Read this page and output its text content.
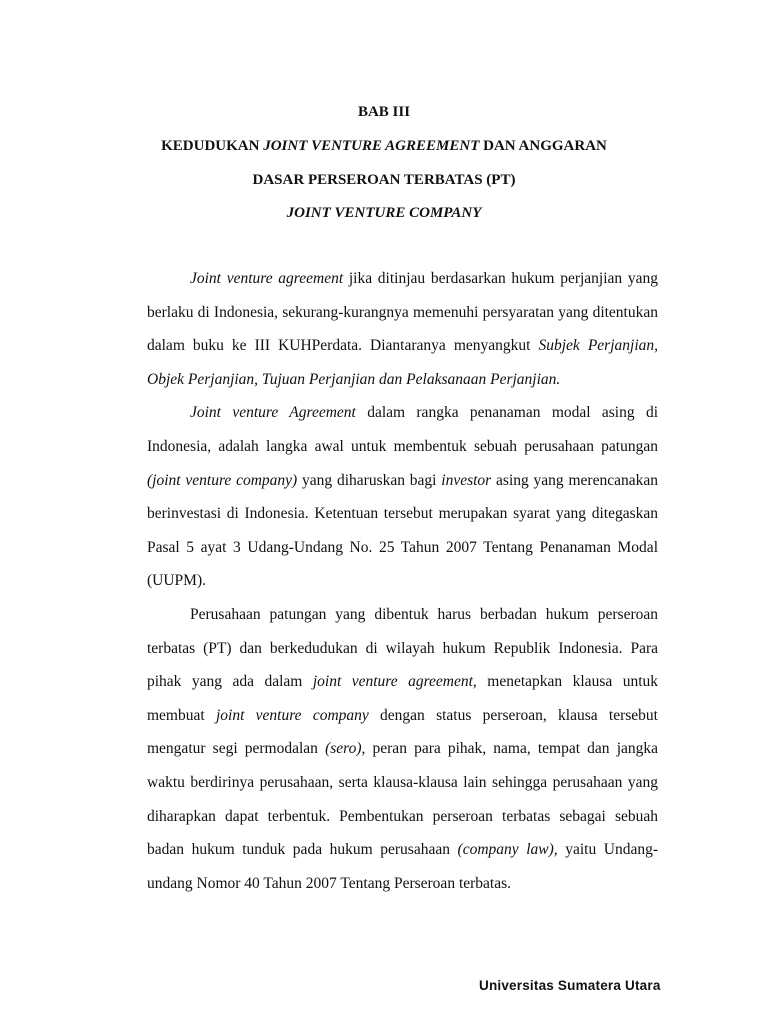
BAB III
KEDUDUKAN JOINT VENTURE AGREEMENT DAN ANGGARAN
DASAR PERSEROAN TERBATAS (PT)
JOINT VENTURE COMPANY
Joint venture agreement jika ditinjau berdasarkan hukum perjanjian yang
berlaku di Indonesia, sekurang-kurangnya memenuhi persyaratan yang ditentukan
dalam buku ke III KUHPerdata. Diantaranya menyangkut Subjek Perjanjian,
Objek Perjanjian, Tujuan Perjanjian dan Pelaksanaan Perjanjian.
Joint venture Agreement dalam rangka penanaman modal asing di
Indonesia, adalah langka awal untuk membentuk sebuah perusahaan patungan
(joint venture company) yang diharuskan bagi investor asing yang merencanakan
berinvestasi di Indonesia. Ketentuan tersebut merupakan syarat yang ditegaskan
Pasal 5 ayat 3 Udang-Undang No. 25 Tahun 2007 Tentang Penanaman Modal
(UUPM).
Perusahaan patungan yang dibentuk harus berbadan hukum perseroan
terbatas (PT) dan berkedudukan di wilayah hukum Republik Indonesia. Para
pihak yang ada dalam joint venture agreement, menetapkan klausa untuk
membuat joint venture company dengan status perseroan, klausa tersebut
mengatur segi permodalan (sero), peran para pihak, nama, tempat dan jangka
waktu berdirinya perusahaan, serta klausa-klausa lain sehingga perusahaan yang
diharapkan dapat terbentuk. Pembentukan perseroan terbatas sebagai sebuah
badan hukum tunduk pada hukum perusahaan (company law), yaitu Undang-
undang Nomor 40 Tahun 2007 Tentang Perseroan terbatas.
Universitas Sumatera Utara
